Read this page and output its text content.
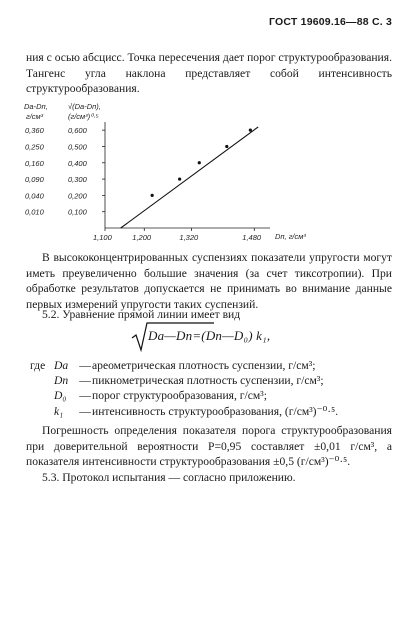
ГОСТ 19609.16—88 С. 3
ния с осью абсцисс. Точка пересечения дает порог структурообразования. Тангенс угла наклона представляет собой интенсивность структурообразования.
Dа-Dп,
г/см³
√(Dа-Dп),
(г/см³)⁰·⁵
0,360
0,250
0,160
0,090
0,040
0,010
0,600
0,500
0,400
0,300
0,200
0,100
1,100	1,200	1,320	1,480 Dп, г/см³
В высококонцентрированных суспензиях показатели упругости могут иметь преувеличенно большие значения (за счет тиксотропии). При обработке результатов допускается не принимать во внимание данные первых измерений упругости таких суспензий.
5.2. Уравнение прямой линии имеет вид
Dа—Dп=(Dп—D₀) k₁,
где Dа — ареометрическая плотность суспензии, г/см³;
Dп — пикнометрическая плотность суспензии, г/см³;
D₀	— порог структурообразования, г/см³;
k₁	— интенсивность структурообразования, (г/см³)⁻⁰·⁵.
Погрешность определения показателя порога структурообразования при доверительной вероятности P=0,95 составляет ±0,01 г/см³, а показателя интенсивности структурообразования ±0,5 (г/см³)⁻⁰·⁵.
5.3. Протокол испытания — согласно приложению.
